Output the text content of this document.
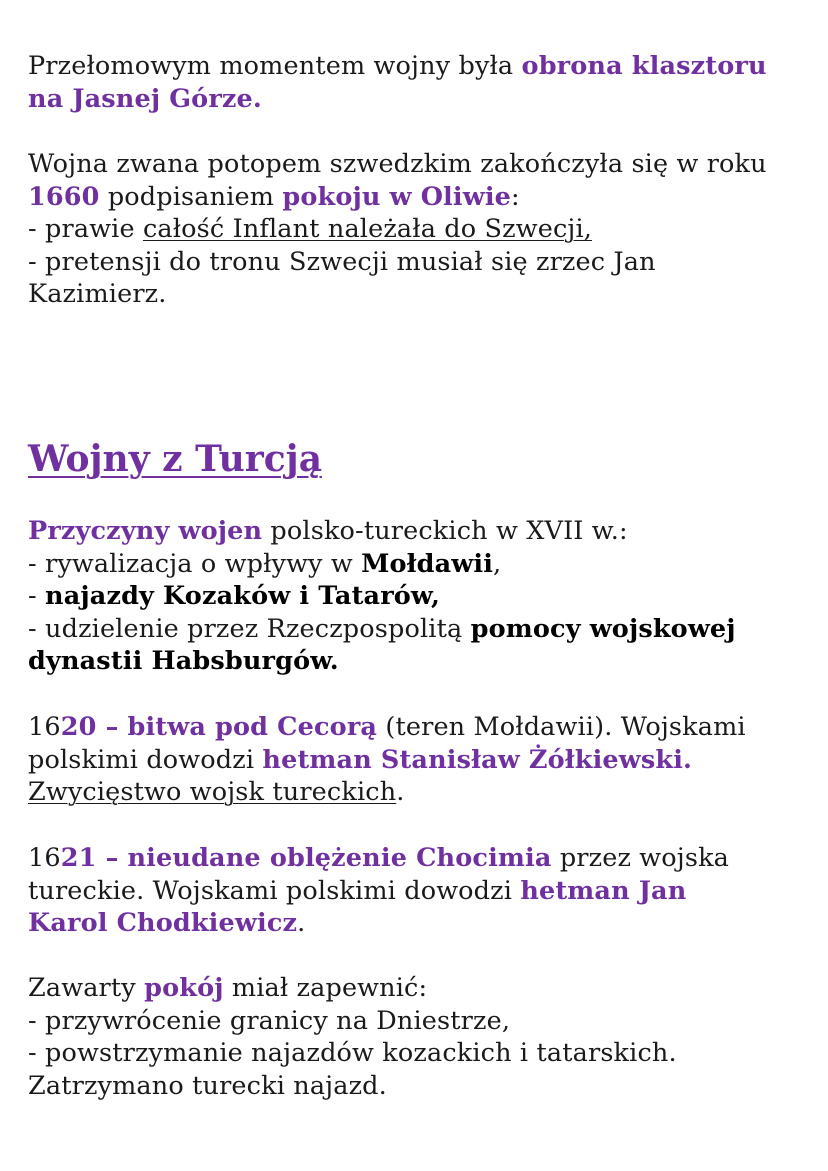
Przełomowym momentem wojny była obrona klasztoru
na Jasnej Górze.
Wojna zwana potopem szwedzkim zakończyła się w roku
1660 podpisaniem pokoju w Oliwie:
- prawie całość Inflant należała do Szwecji,
- pretensji do tronu Szwecji musiał się zrzec Jan
Kazimierz.
Wojny z Turcją
Przyczyny wojen polsko-tureckich w XVII w.:
- rywalizacja o wpływy w Mołdawii,
- najazdy Kozaków i Tatarów,
- udzielenie przez Rzeczpospolitą pomocy wojskowej
dynastii Habsburgów.
1620 – bitwa pod Cecorą (teren Mołdawii). Wojskami
polskimi dowodzi hetman Stanisław Żółkiewski.
Zwycięstwo wojsk tureckich.
1621 – nieudane oblężenie Chocimia przez wojska
tureckie. Wojskami polskimi dowodzi hetman Jan
Karol Chodkiewicz.
Zawarty pokój miał zapewnić:
- przywrócenie granicy na Dniestrze,
- powstrzymanie najazdów kozackich i tatarskich.
Zatrzymano turecki najazd.
